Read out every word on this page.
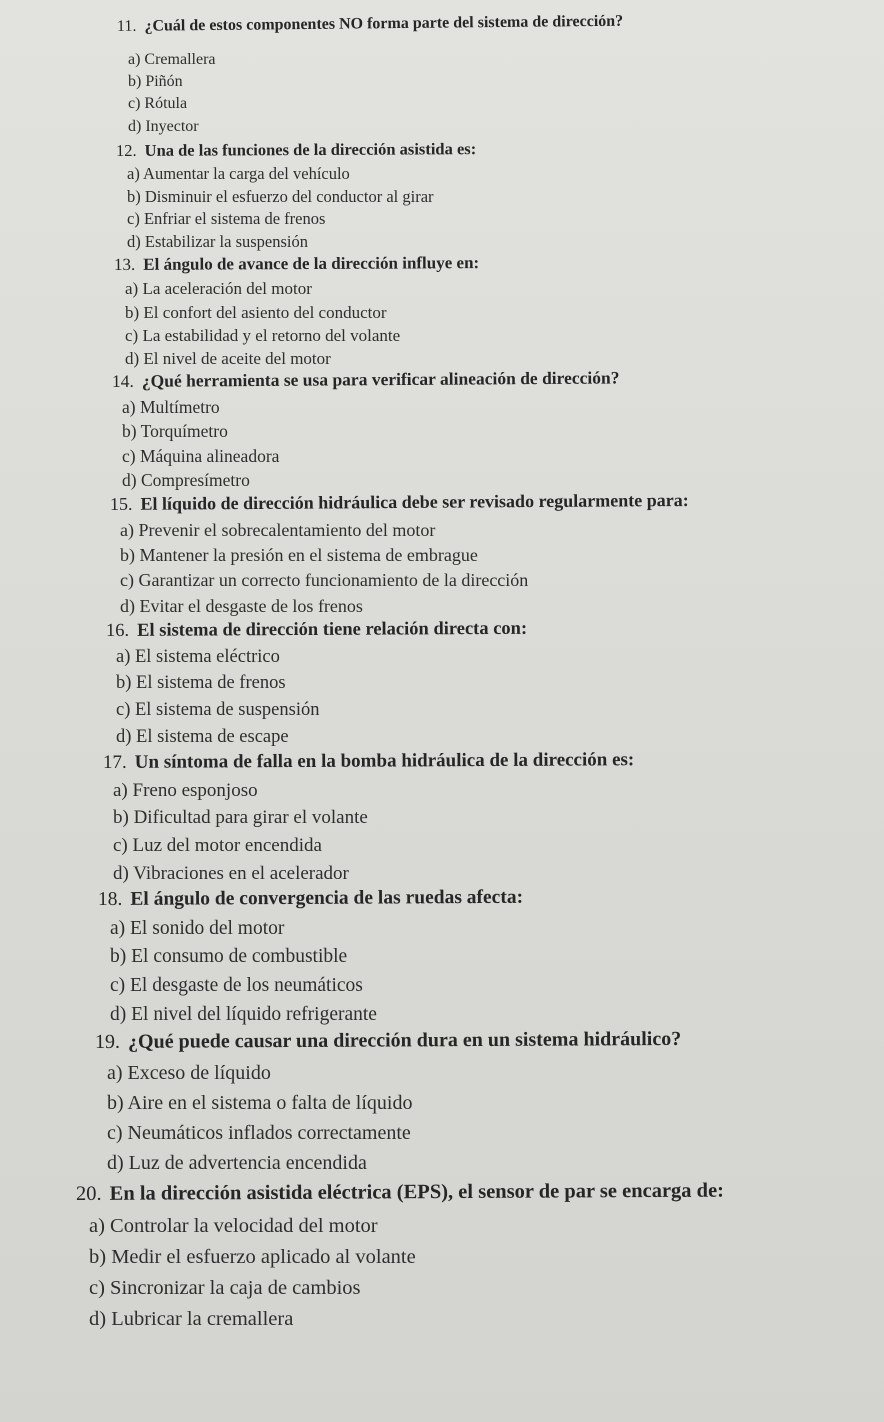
11. ¿Cuál de estos componentes NO forma parte del sistema de dirección?
a) Cremallera
b) Piñón
c) Rótula
d) Inyector
12. Una de las funciones de la dirección asistida es:
a) Aumentar la carga del vehículo
b) Disminuir el esfuerzo del conductor al girar
c) Enfriar el sistema de frenos
d) Estabilizar la suspensión
13. El ángulo de avance de la dirección influye en:
a) La aceleración del motor
b) El confort del asiento del conductor
c) La estabilidad y el retorno del volante
d) El nivel de aceite del motor
14. ¿Qué herramienta se usa para verificar alineación de dirección?
a) Multímetro
b) Torquímetro
c) Máquina alineadora
d) Compresímetro
15. El líquido de dirección hidráulica debe ser revisado regularmente para:
a) Prevenir el sobrecalentamiento del motor
b) Mantener la presión en el sistema de embrague
c) Garantizar un correcto funcionamiento de la dirección
d) Evitar el desgaste de los frenos
16. El sistema de dirección tiene relación directa con:
a) El sistema eléctrico
b) El sistema de frenos
c) El sistema de suspensión
d) El sistema de escape
17. Un síntoma de falla en la bomba hidráulica de la dirección es:
a) Freno esponjoso
b) Dificultad para girar el volante
c) Luz del motor encendida
d) Vibraciones en el acelerador
18. El ángulo de convergencia de las ruedas afecta:
a) El sonido del motor
b) El consumo de combustible
c) El desgaste de los neumáticos
d) El nivel del líquido refrigerante
19. ¿Qué puede causar una dirección dura en un sistema hidráulico?
a) Exceso de líquido
b) Aire en el sistema o falta de líquido
c) Neumáticos inflados correctamente
d) Luz de advertencia encendida
20. En la dirección asistida eléctrica (EPS), el sensor de par se encarga de:
a) Controlar la velocidad del motor
b) Medir el esfuerzo aplicado al volante
c) Sincronizar la caja de cambios
d) Lubricar la cremallera
